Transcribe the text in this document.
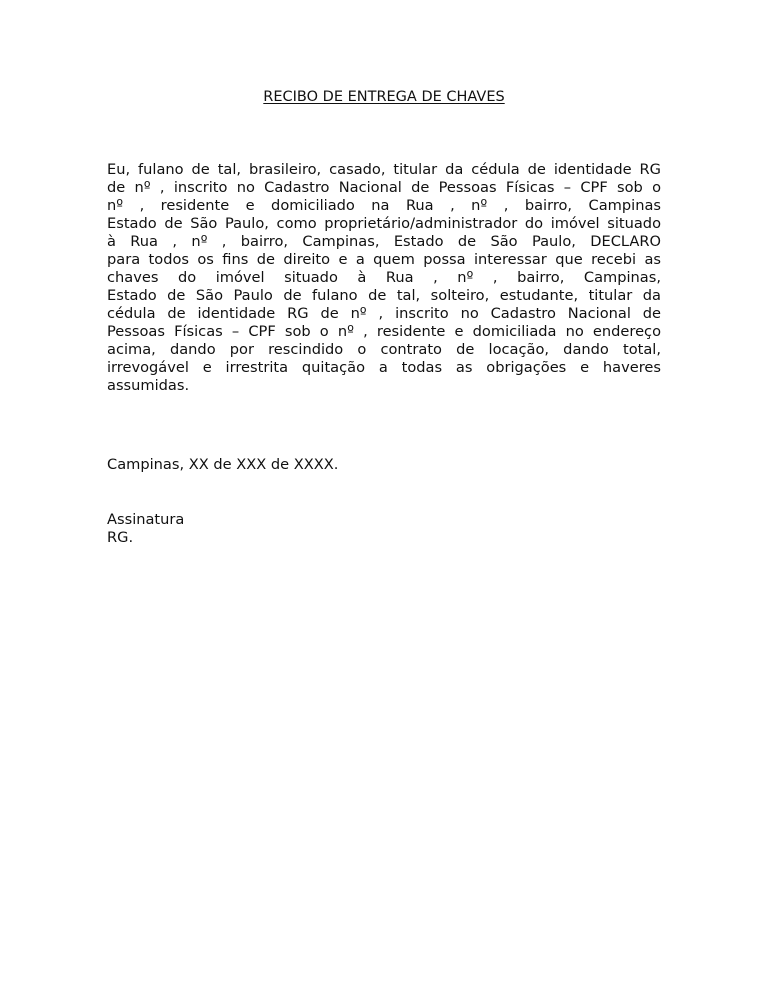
RECIBO DE ENTREGA DE CHAVES
Eu, fulano de tal, brasileiro, casado, titular da cédula de identidade RG
de nº , inscrito no Cadastro Nacional de Pessoas Físicas – CPF sob o
nº , residente e domiciliado na Rua , nº , bairro, Campinas
Estado de São Paulo, como proprietário/administrador do imóvel situado
à Rua , nº , bairro, Campinas, Estado de São Paulo, DECLARO
para todos os fins de direito e a quem possa interessar que recebi as
chaves do imóvel situado à Rua , nº , bairro, Campinas,
Estado de São Paulo de fulano de tal, solteiro, estudante, titular da
cédula de identidade RG de nº , inscrito no Cadastro Nacional de
Pessoas Físicas – CPF sob o nº , residente e domiciliada no endereço
acima, dando por rescindido o contrato de locação, dando total,
irrevogável e irrestrita quitação a todas as obrigações e haveres
assumidas.
Campinas, XX de XXX de XXXX.
Assinatura
RG.
